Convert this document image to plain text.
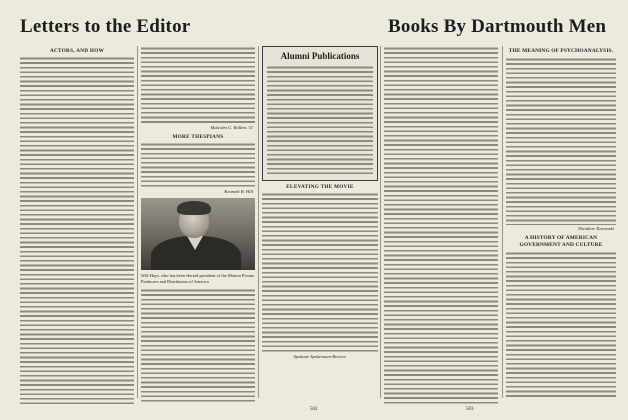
Letters to the Editor	Books By Dartmouth Men
ACTORS, AND HOW
Malcolm G. Rollins '11
MORE THESPIANS
Kenneth B. Hill
Will Hays, who has been elected president of the Motion Picture Producers and Distributors of America
Alumni Publications
ELEVATING THE MOVIE
Spokane Spokesman-Review.
THE MEANING OF PSYCHOANALYSIS.
Theodore Karwoski
A HISTORY OF AMERICAN GOVERNMENT AND CULTURE
502	503
